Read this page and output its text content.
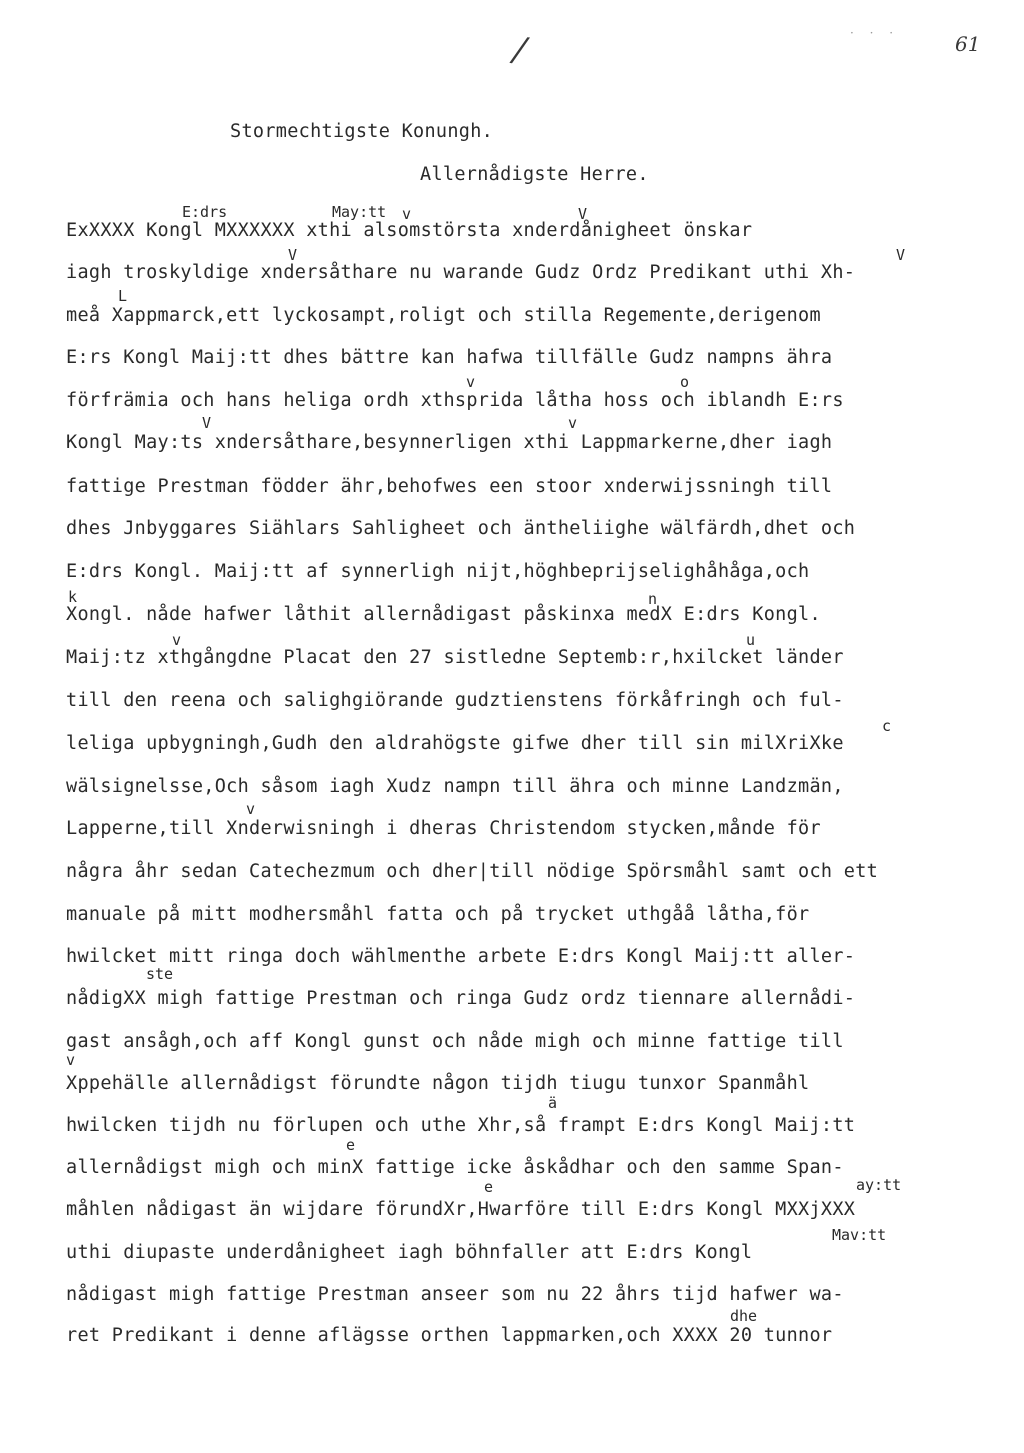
/	· · ·	61
Stormechtigste Konungh.
Allernådigste Herre.
E:drs	May:tt v	V
V	V
L
v	o
V	v
k	n
v	u
c
v
ste
v
ä
e
e	ay:tt
Mav:tt
dhe
ExXXXX Kongl MXXXXXX xthi alsomstörsta xnderdånigheet önskar
iagh troskyldige xndersåthare nu warande Gudz Ordz Predikant uthi Xh-
meå Xappmarck,ett lyckosampt,roligt och stilla Regemente,derigenom
E:rs Kongl Maij:tt dhes bättre kan hafwa tillfälle Gudz nampns ähra
förfrämia och hans heliga ordh xthsprida låtha hoss och iblandh E:rs
Kongl May:ts xndersåthare,besynnerligen xthi Lappmarkerne,dher iagh
fattige Prestman födder ähr,behofwes een stoor xnderwijssningh till
dhes Jnbyggares Siählars Sahligheet och äntheliighe wälfärdh,dhet och
E:drs Kongl. Maij:tt af synnerligh nijt,höghbeprijselighåhåga,och
Xongl. nåde hafwer låthit allernådigast påskinxa medX E:drs Kongl.
Maij:tz xthgångdne Placat den 27 sistledne Septemb:r,hxilcket länder
till den reena och salighgiörande gudztienstens förkåfringh och ful-
leliga upbygningh,Gudh den aldrahögste gifwe dher till sin milXriXke
wälsignelsse,Och såsom iagh Xudz nampn till ähra och minne Landzmän,
Lapperne,till Xnderwisningh i dheras Christendom stycken,månde för
några åhr sedan Catechezmum och dher|till nödige Spörsmåhl samt och ett
manuale på mitt modhersmåhl fatta och på trycket uthgåå låtha,för
hwilcket mitt ringa doch wählmenthe arbete E:drs Kongl Maij:tt aller-
nådigXX migh fattige Prestman och ringa Gudz ordz tiennare allernådi-
gast ansågh,och aff Kongl gunst och nåde migh och minne fattige till
Xppehälle allernådigst förundte någon tijdh tiugu tunxor Spanmåhl
hwilcken tijdh nu förlupen och uthe Xhr,så frampt E:drs Kongl Maij:tt
allernådigst migh och minX fattige icke åskådhar och den samme Span-
måhlen nådigast än wijdare förundXr,Hwarföre till E:drs Kongl MXXjXXX
uthi diupaste underdånigheet iagh böhnfaller att E:drs Kongl
nådigast migh fattige Prestman anseer som nu 22 åhrs tijd hafwer wa-
ret Predikant i denne aflägsse orthen lappmarken,och XXXX 20 tunnor
